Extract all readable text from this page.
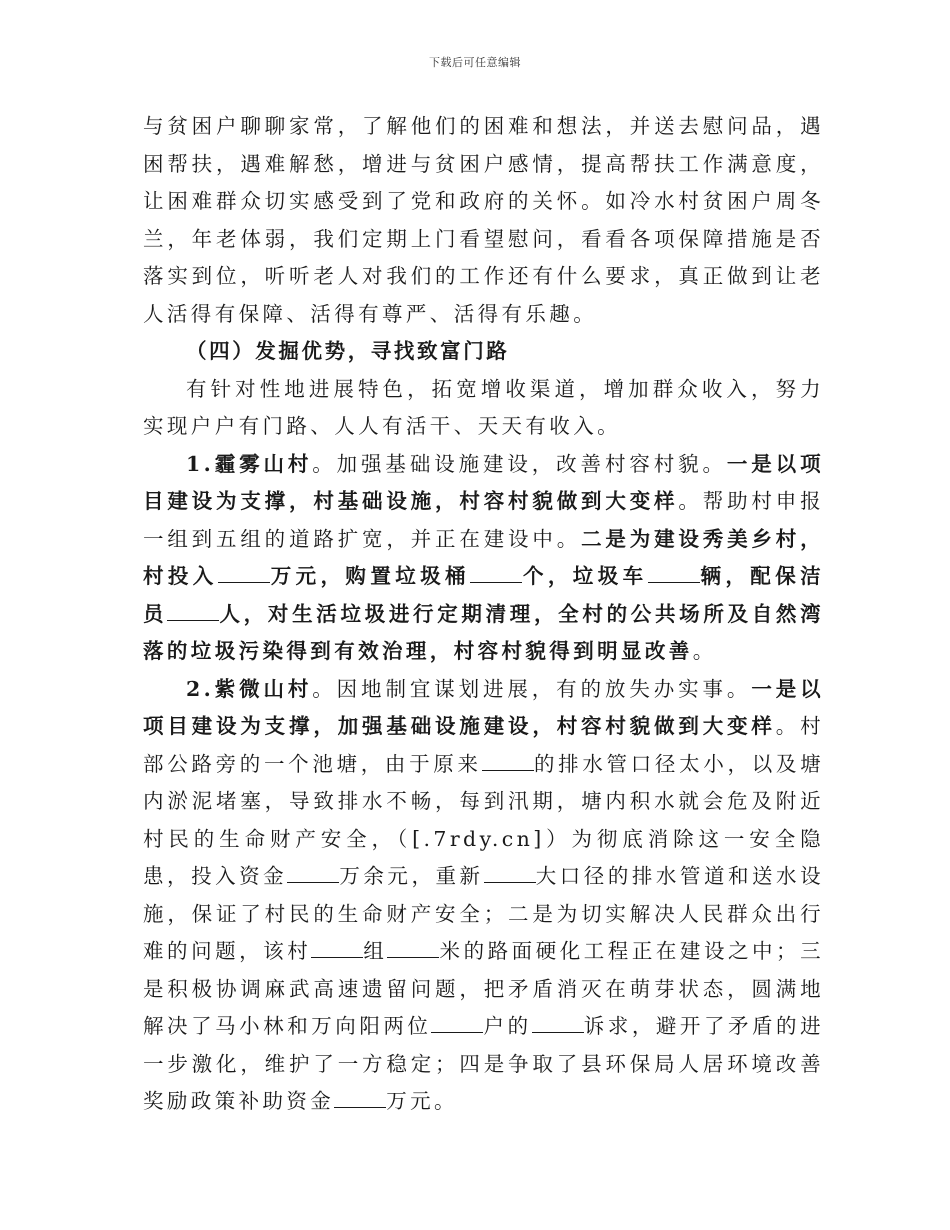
下载后可任意编辑

与贫困户聊聊家常，了解他们的困难和想法，并送去慰问品，遇困帮扶，遇难解愁，增进与贫困户感情，提高帮扶工作满意度，让困难群众切实感受到了党和政府的关怀。如冷水村贫困户周冬兰，年老体弱，我们定期上门看望慰问，看看各项保障措施是否落实到位，听听老人对我们的工作还有什么要求，真正做到让老人活得有保障、活得有尊严、活得有乐趣。

（四）发掘优势，寻找致富门路

有针对性地进展特色，拓宽增收渠道，增加群众收入，努力实现户户有门路、人人有活干、天天有收入。

1.霾雾山村。加强基础设施建设，改善村容村貌。一是以项目建设为支撑，村基础设施，村容村貌做到大变样。帮助村申报一组到五组的道路扩宽，并正在建设中。二是为建设秀美乡村，村投入	万元，购置垃圾桶	个，垃圾车	辆，配保洁员	人，对生活垃圾进行定期清理，全村的公共场所及自然湾落的垃圾污染得到有效治理，村容村貌得到明显改善。

2.紫微山村。因地制宜谋划进展，有的放失办实事。一是以项目建设为支撑，加强基础设施建设，村容村貌做到大变样。村部公路旁的一个池塘，由于原来	的排水管口径太小，以及塘内淤泥堵塞，导致排水不畅，每到汛期，塘内积水就会危及附近村民的生命财产安全，（[.7rdy.cn]）为彻底消除这一安全隐患，投入资金	万余元，重新	大口径的排水管道和送水设施，保证了村民的生命财产安全；二是为切实解决人民群众出行难的问题，该村	组	米的路面硬化工程正在建设之中；三是积极协调麻武高速遗留问题，把矛盾消灭在萌芽状态，圆满地解决了马小林和万向阳两位	户的	诉求，避开了矛盾的进一步激化，维护了一方稳定；四是争取了县环保局人居环境改善奖励政策补助资金	万元。
